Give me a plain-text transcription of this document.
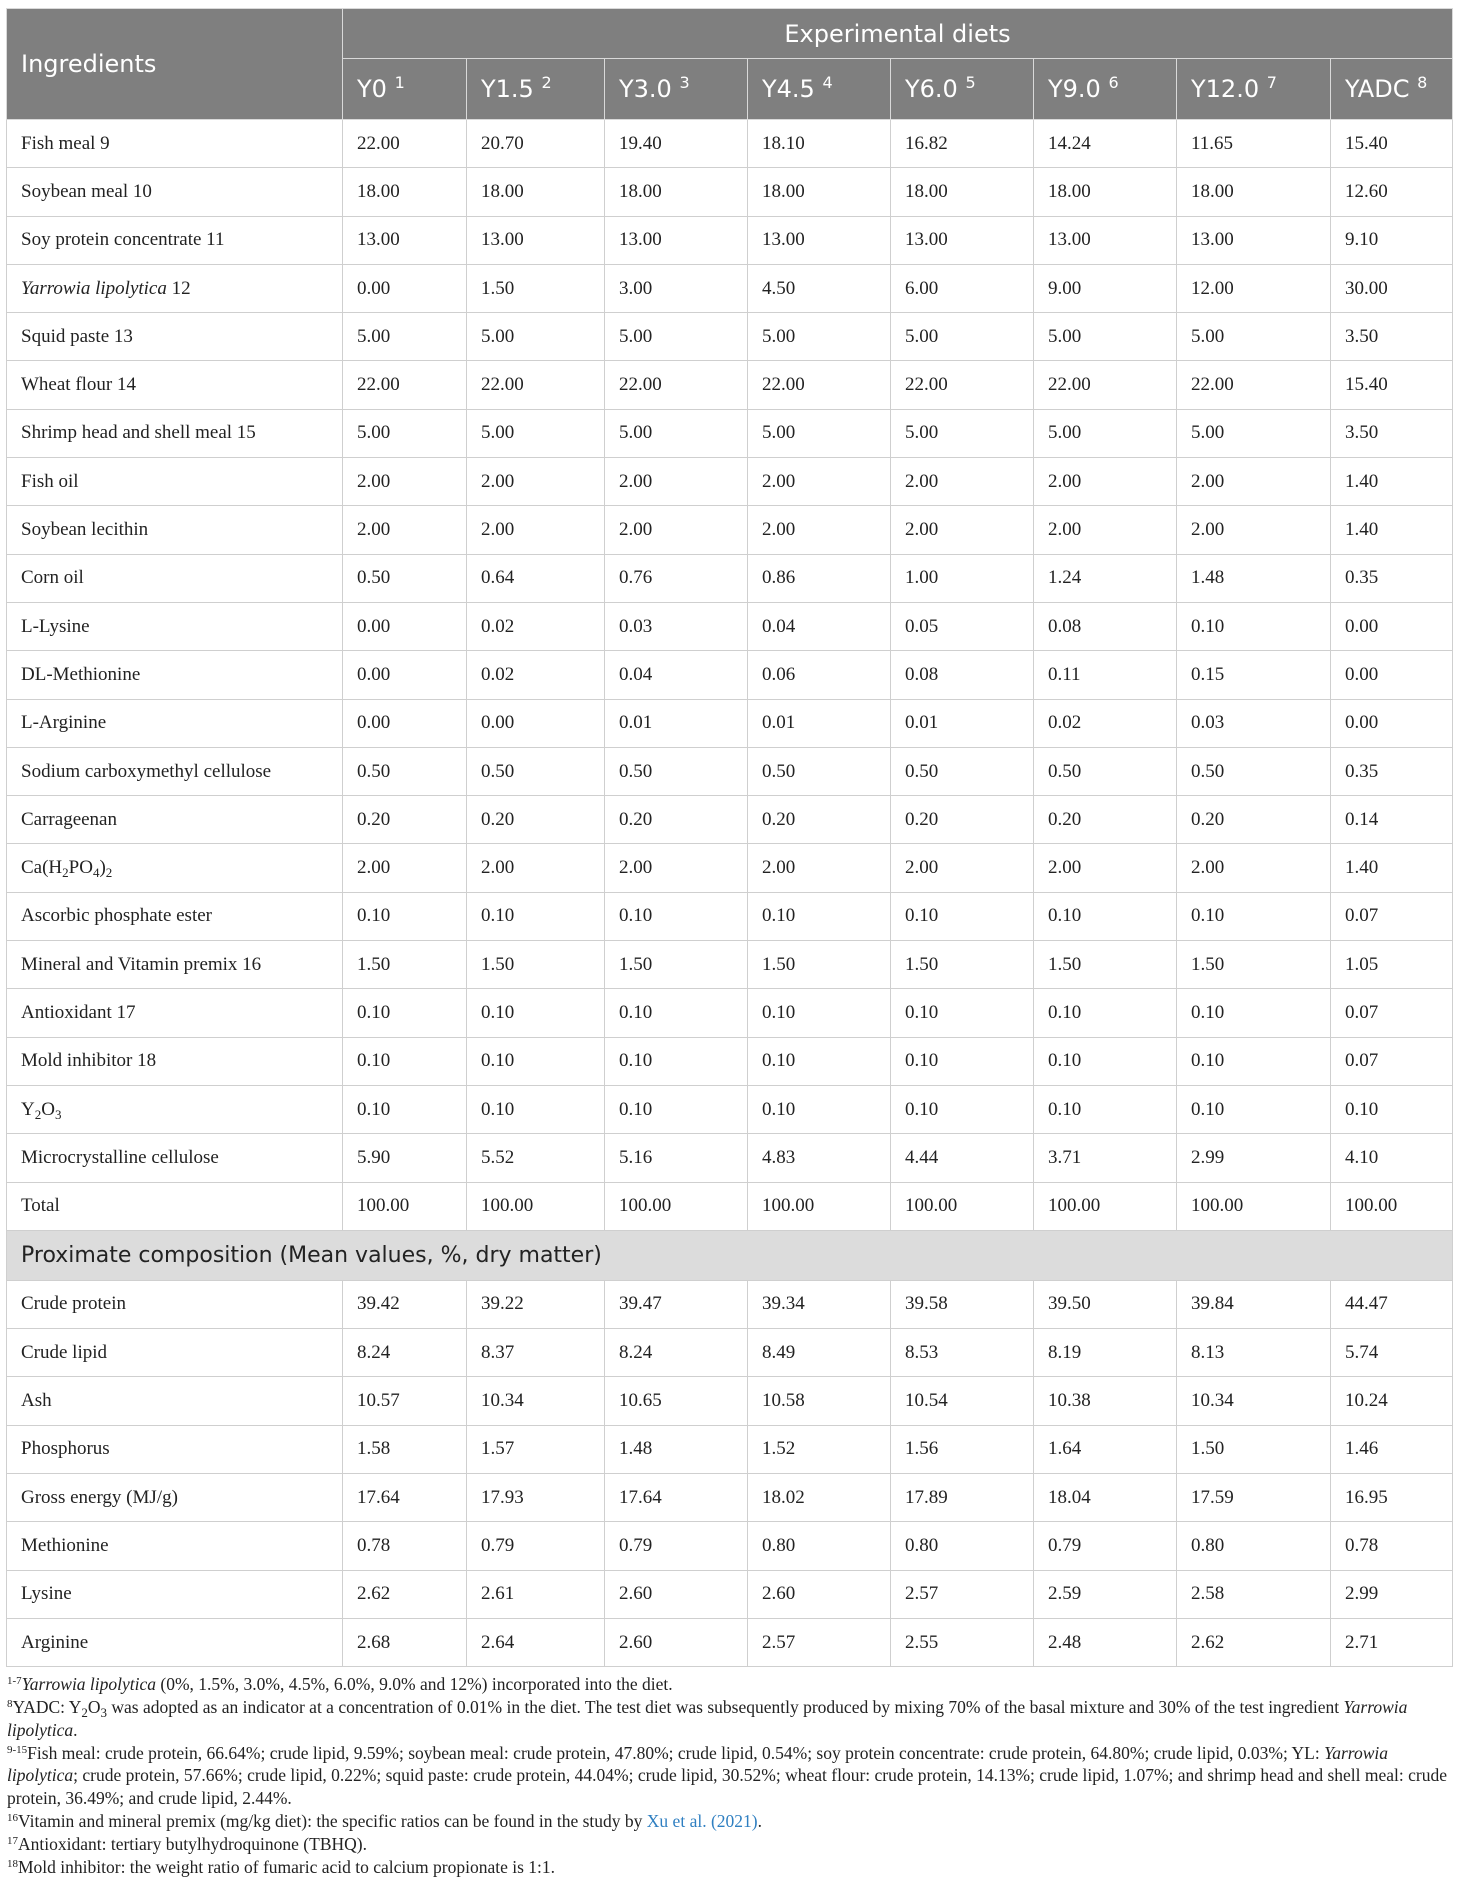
Ingredients	Experimental diets							
	Y0 $^1$	Y1.5 $^2$	Y3.0 $^3$	Y4.5 $^4$	Y6.0 $^5$	Y9.0 $^6$	Y12.0 $^7$	YADC $^8$
Fish meal 9	22.00	20.70	19.40	18.10	16.82	14.24	11.65	15.40
Soybean meal 10	18.00	18.00	18.00	18.00	18.00	18.00	18.00	12.60
Soy protein concentrate 11	13.00	13.00	13.00	13.00	13.00	13.00	13.00	9.10
Yarrowia lipolytica 12	0.00	1.50	3.00	4.50	6.00	9.00	12.00	30.00
Squid paste 13	5.00	5.00	5.00	5.00	5.00	5.00	5.00	3.50
Wheat flour 14	22.00	22.00	22.00	22.00	22.00	22.00	22.00	15.40
Shrimp head and shell meal 15	5.00	5.00	5.00	5.00	5.00	5.00	5.00	3.50
Fish oil	2.00	2.00	2.00	2.00	2.00	2.00	2.00	1.40
Soybean lecithin	2.00	2.00	2.00	2.00	2.00	2.00	2.00	1.40
Corn oil	0.50	0.64	0.76	0.86	1.00	1.24	1.48	0.35
L-Lysine	0.00	0.02	0.03	0.04	0.05	0.08	0.10	0.00
DL-Methionine	0.00	0.02	0.04	0.06	0.08	0.11	0.15	0.00
L-Arginine	0.00	0.00	0.01	0.01	0.01	0.02	0.03	0.00
Sodium carboxymethyl cellulose	0.50	0.50	0.50	0.50	0.50	0.50	0.50	0.35
Carrageenan	0.20	0.20	0.20	0.20	0.20	0.20	0.20	0.14
$Ca(H_2PO_4)_2$	2.00	2.00	2.00	2.00	2.00	2.00	2.00	1.40
Ascorbic phosphate ester	0.10	0.10	0.10	0.10	0.10	0.10	0.10	0.07
Mineral and Vitamin premix 16	1.50	1.50	1.50	1.50	1.50	1.50	1.50	1.05
Antioxidant 17	0.10	0.10	0.10	0.10	0.10	0.10	0.10	0.07
Mold inhibitor 18	0.10	0.10	0.10	0.10	0.10	0.10	0.10	0.07
$Y_2O_3$	0.10	0.10	0.10	0.10	0.10	0.10	0.10	0.10
Microcrystalline cellulose	5.90	5.52	5.16	4.83	4.44	3.71	2.99	4.10
Total	100.00	100.00	100.00	100.00	100.00	100.00	100.00	100.00
Proximate composition (Mean values, %, dry matter)								
Crude protein	39.42	39.22	39.47	39.34	39.58	39.50	39.84	44.47
Crude lipid	8.24	8.37	8.24	8.49	8.53	8.19	8.13	5.74
Ash	10.57	10.34	10.65	10.58	10.54	10.38	10.34	10.24
Phosphorus	1.58	1.57	1.48	1.52	1.56	1.64	1.50	1.46
Gross energy (MJ/g)	17.64	17.93	17.64	18.02	17.89	18.04	17.59	16.95
Methionine	0.78	0.79	0.79	0.80	0.80	0.79	0.80	0.78
Lysine	2.62	2.61	2.60	2.60	2.57	2.59	2.58	2.99
Arginine	2.68	2.64	2.60	2.57	2.55	2.48	2.62	2.71

$^{1-7}$Yarrowia lipolytica (0%, 1.5%, 3.0%, 4.5%, 6.0%, 9.0% and 12%) incorporated into the diet.

$^8$YADC: $Y_2O_3$ was adopted as an indicator at a concentration of 0.01% in the diet. The test diet was subsequently produced by mixing 70% of the basal mixture and 30% of the test ingredient Yarrowia lipolytica.

$^{9-15}$Fish meal: crude protein, 66.64%; crude lipid, 9.59%; soybean meal: crude protein, 47.80%; crude lipid, 0.54%; soy protein concentrate: crude protein, 64.80%; crude lipid, 0.03%; YL: Yarrowia lipolytica; crude protein, 57.66%; crude lipid, 0.22%; squid paste: crude protein, 44.04%; crude lipid, 30.52%; wheat flour: crude protein, 14.13%; crude lipid, 1.07%; and shrimp head and shell meal: crude protein, 36.49%; and crude lipid, 2.44%.

$^{16}$Vitamin and mineral premix (mg/kg diet): the specific ratios can be found in the study by Xu et al. (2021).

$^{17}$Antioxidant: tertiary butylhydroquinone (TBHQ).

$^{18}$Mold inhibitor: the weight ratio of fumaric acid to calcium propionate is 1:1.
